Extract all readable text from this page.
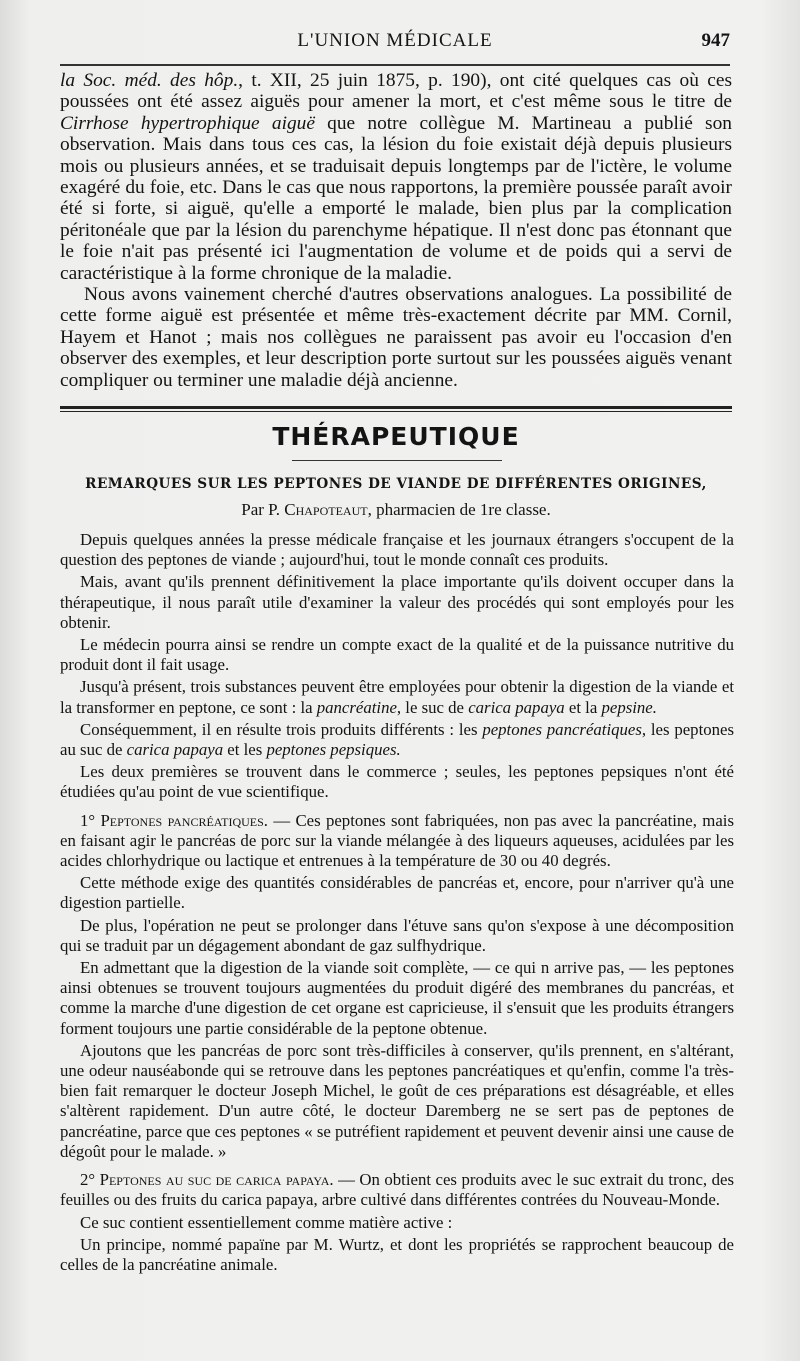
L'UNION MÉDICALE	947

la Soc. méd. des hôp., t. XII, 25 juin 1875, p. 190), ont cité quelques cas où ces poussées ont été assez aiguës pour amener la mort, et c'est même sous le titre de Cirrhose hypertrophique aiguë que notre collègue M. Martineau a publié son observation. Mais dans tous ces cas, la lésion du foie existait déjà depuis plusieurs mois ou plusieurs années, et se traduisait depuis longtemps par de l'ictère, le volume exagéré du foie, etc. Dans le cas que nous rapportons, la première poussée paraît avoir été si forte, si aiguë, qu'elle a emporté le malade, bien plus par la complication péritonéale que par la lésion du parenchyme hépatique. Il n'est donc pas étonnant que le foie n'ait pas présenté ici l'augmentation de volume et de poids qui a servi de caractéristique à la forme chronique de la maladie.

Nous avons vainement cherché d'autres observations analogues. La possibilité de cette forme aiguë est présentée et même très-exactement décrite par MM. Cornil, Hayem et Hanot ; mais nos collègues ne paraissent pas avoir eu l'occasion d'en observer des exemples, et leur description porte surtout sur les poussées aiguës venant compliquer ou terminer une maladie déjà ancienne.

THÉRAPEUTIQUE
REMARQUES SUR LES PEPTONES DE VIANDE DE DIFFÉRENTES ORIGINES,
Par P. Chapoteaut, pharmacien de 1re classe.

Depuis quelques années la presse médicale française et les journaux étrangers s'occupent de la question des peptones de viande ; aujourd'hui, tout le monde connaît ces produits.

Mais, avant qu'ils prennent définitivement la place importante qu'ils doivent occuper dans la thérapeutique, il nous paraît utile d'examiner la valeur des procédés qui sont employés pour les obtenir.

Le médecin pourra ainsi se rendre un compte exact de la qualité et de la puissance nutritive du produit dont il fait usage.

Jusqu'à présent, trois substances peuvent être employées pour obtenir la digestion de la viande et la transformer en peptone, ce sont : la pancréatine, le suc de carica papaya et la pepsine.

Conséquemment, il en résulte trois produits différents : les peptones pancréatiques, les peptones au suc de carica papaya et les peptones pepsiques.

Les deux premières se trouvent dans le commerce ; seules, les peptones pepsiques n'ont été étudiées qu'au point de vue scientifique.

1° Peptones pancréatiques. — Ces peptones sont fabriquées, non pas avec la pancréatine, mais en faisant agir le pancréas de porc sur la viande mélangée à des liqueurs aqueuses, acidulées par les acides chlorhydrique ou lactique et entrenues à la température de 30 ou 40 degrés.

Cette méthode exige des quantités considérables de pancréas et, encore, pour n'arriver qu'à une digestion partielle.

De plus, l'opération ne peut se prolonger dans l'étuve sans qu'on s'expose à une décomposition qui se traduit par un dégagement abondant de gaz sulfhydrique.

En admettant que la digestion de la viande soit complète, — ce qui n arrive pas, — les peptones ainsi obtenues se trouvent toujours augmentées du produit digéré des membranes du pancréas, et comme la marche d'une digestion de cet organe est capricieuse, il s'ensuit que les produits étrangers forment toujours une partie considérable de la peptone obtenue.

Ajoutons que les pancréas de porc sont très-difficiles à conserver, qu'ils prennent, en s'altérant, une odeur nauséabonde qui se retrouve dans les peptones pancréatiques et qu'enfin, comme l'a très-bien fait remarquer le docteur Joseph Michel, le goût de ces préparations est désagréable, et elles s'altèrent rapidement. D'un autre côté, le docteur Daremberg ne se sert pas de peptones de pancréatine, parce que ces peptones « se putréfient rapidement et peuvent devenir ainsi une cause de dégoût pour le malade. »

2° Peptones au suc de carica papaya. — On obtient ces produits avec le suc extrait du tronc, des feuilles ou des fruits du carica papaya, arbre cultivé dans différentes contrées du Nouveau-Monde.

Ce suc contient essentiellement comme matière active :

Un principe, nommé papaïne par M. Wurtz, et dont les propriétés se rapprochent beaucoup de celles de la pancréatine animale.
